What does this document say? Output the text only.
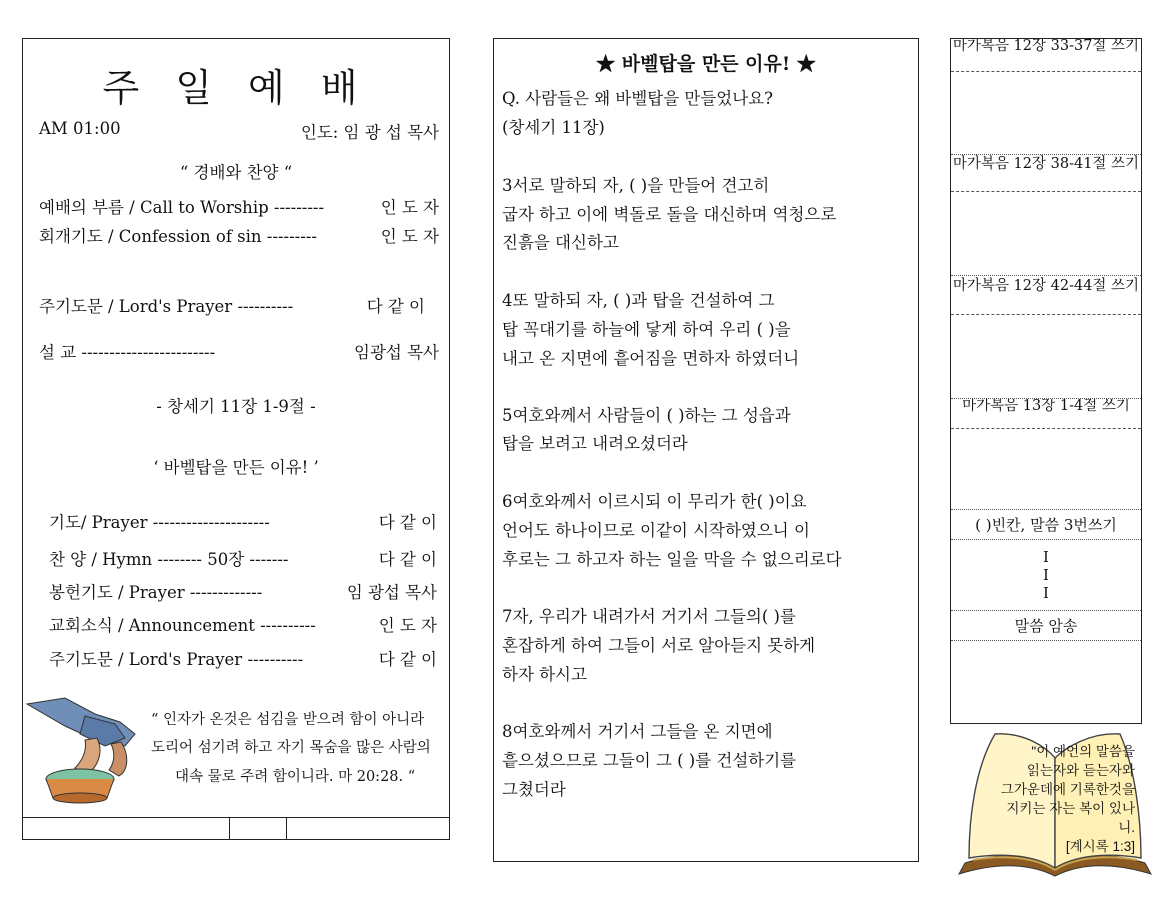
주 일 예 배
AM 01:00	인도: 임 광 섭 목사
“ 경배와 찬양 “
예배의 부름 / Call to Worship ---------	인 도 자
회개기도 / Confession of sin ---------	인 도 자
주기도문 / Lord's Prayer ----------	다 같 이
설 교 ------------------------	임광섭 목사
- 창세기 11장 1-9절 -
‘ 바벨탑을 만든 이유! ’
기도/ Prayer ---------------------	다 같 이
찬 양 / Hymn -------- 50장 -------	다 같 이
봉헌기도 / Prayer -------------	임 광섭 목사
교회소식 / Announcement ----------	인 도 자
주기도문 / Lord's Prayer ----------	다 같 이
“ 인자가 온것은 섬김을 받으려 함이 아니라
도리어 섬기려 하고 자기 목숨을 많은 사람의
대속 물로 주려 함이니라. 마 20:28. “
★ 바벨탑을 만든 이유! ★
Q. 사람들은 왜 바벨탑을 만들었나요?
(창세기 11장)
3서로 말하되 자, ( )을 만들어 견고히
굽자 하고 이에 벽돌로 돌을 대신하며 역청으로
진흙을 대신하고
4또 말하되 자, ( )과 탑을 건설하여 그
탑 꼭대기를 하늘에 닿게 하여 우리 ( )을
내고 온 지면에 흩어짐을 면하자 하였더니
5여호와께서 사람들이 ( )하는 그 성읍과
탑을 보려고 내려오셨더라
6여호와께서 이르시되 이 무리가 한( )이요
언어도 하나이므로 이같이 시작하였으니 이
후로는 그 하고자 하는 일을 막을 수 없으리로다
7자, 우리가 내려가서 거기서 그들의( )를
혼잡하게 하여 그들이 서로 알아듣지 못하게
하자 하시고
8여호와께서 거기서 그들을 온 지면에
흩으셨으므로 그들이 그 ( )를 건설하기를
그쳤더라
마가복음 12장 33-37절 쓰기
마가복음 12장 38-41절 쓰기
마가복음 12장 42-44절 쓰기
마가복음 13장 1-4절 쓰기
( )빈칸, 말씀 3번쓰기
I
I
I
말씀 암송
"이 예언의 말씀을
읽는자와 듣는자와
그가운데에 기록한것을
지키는 자는 복이 있나니.
[계시록 1:3]
